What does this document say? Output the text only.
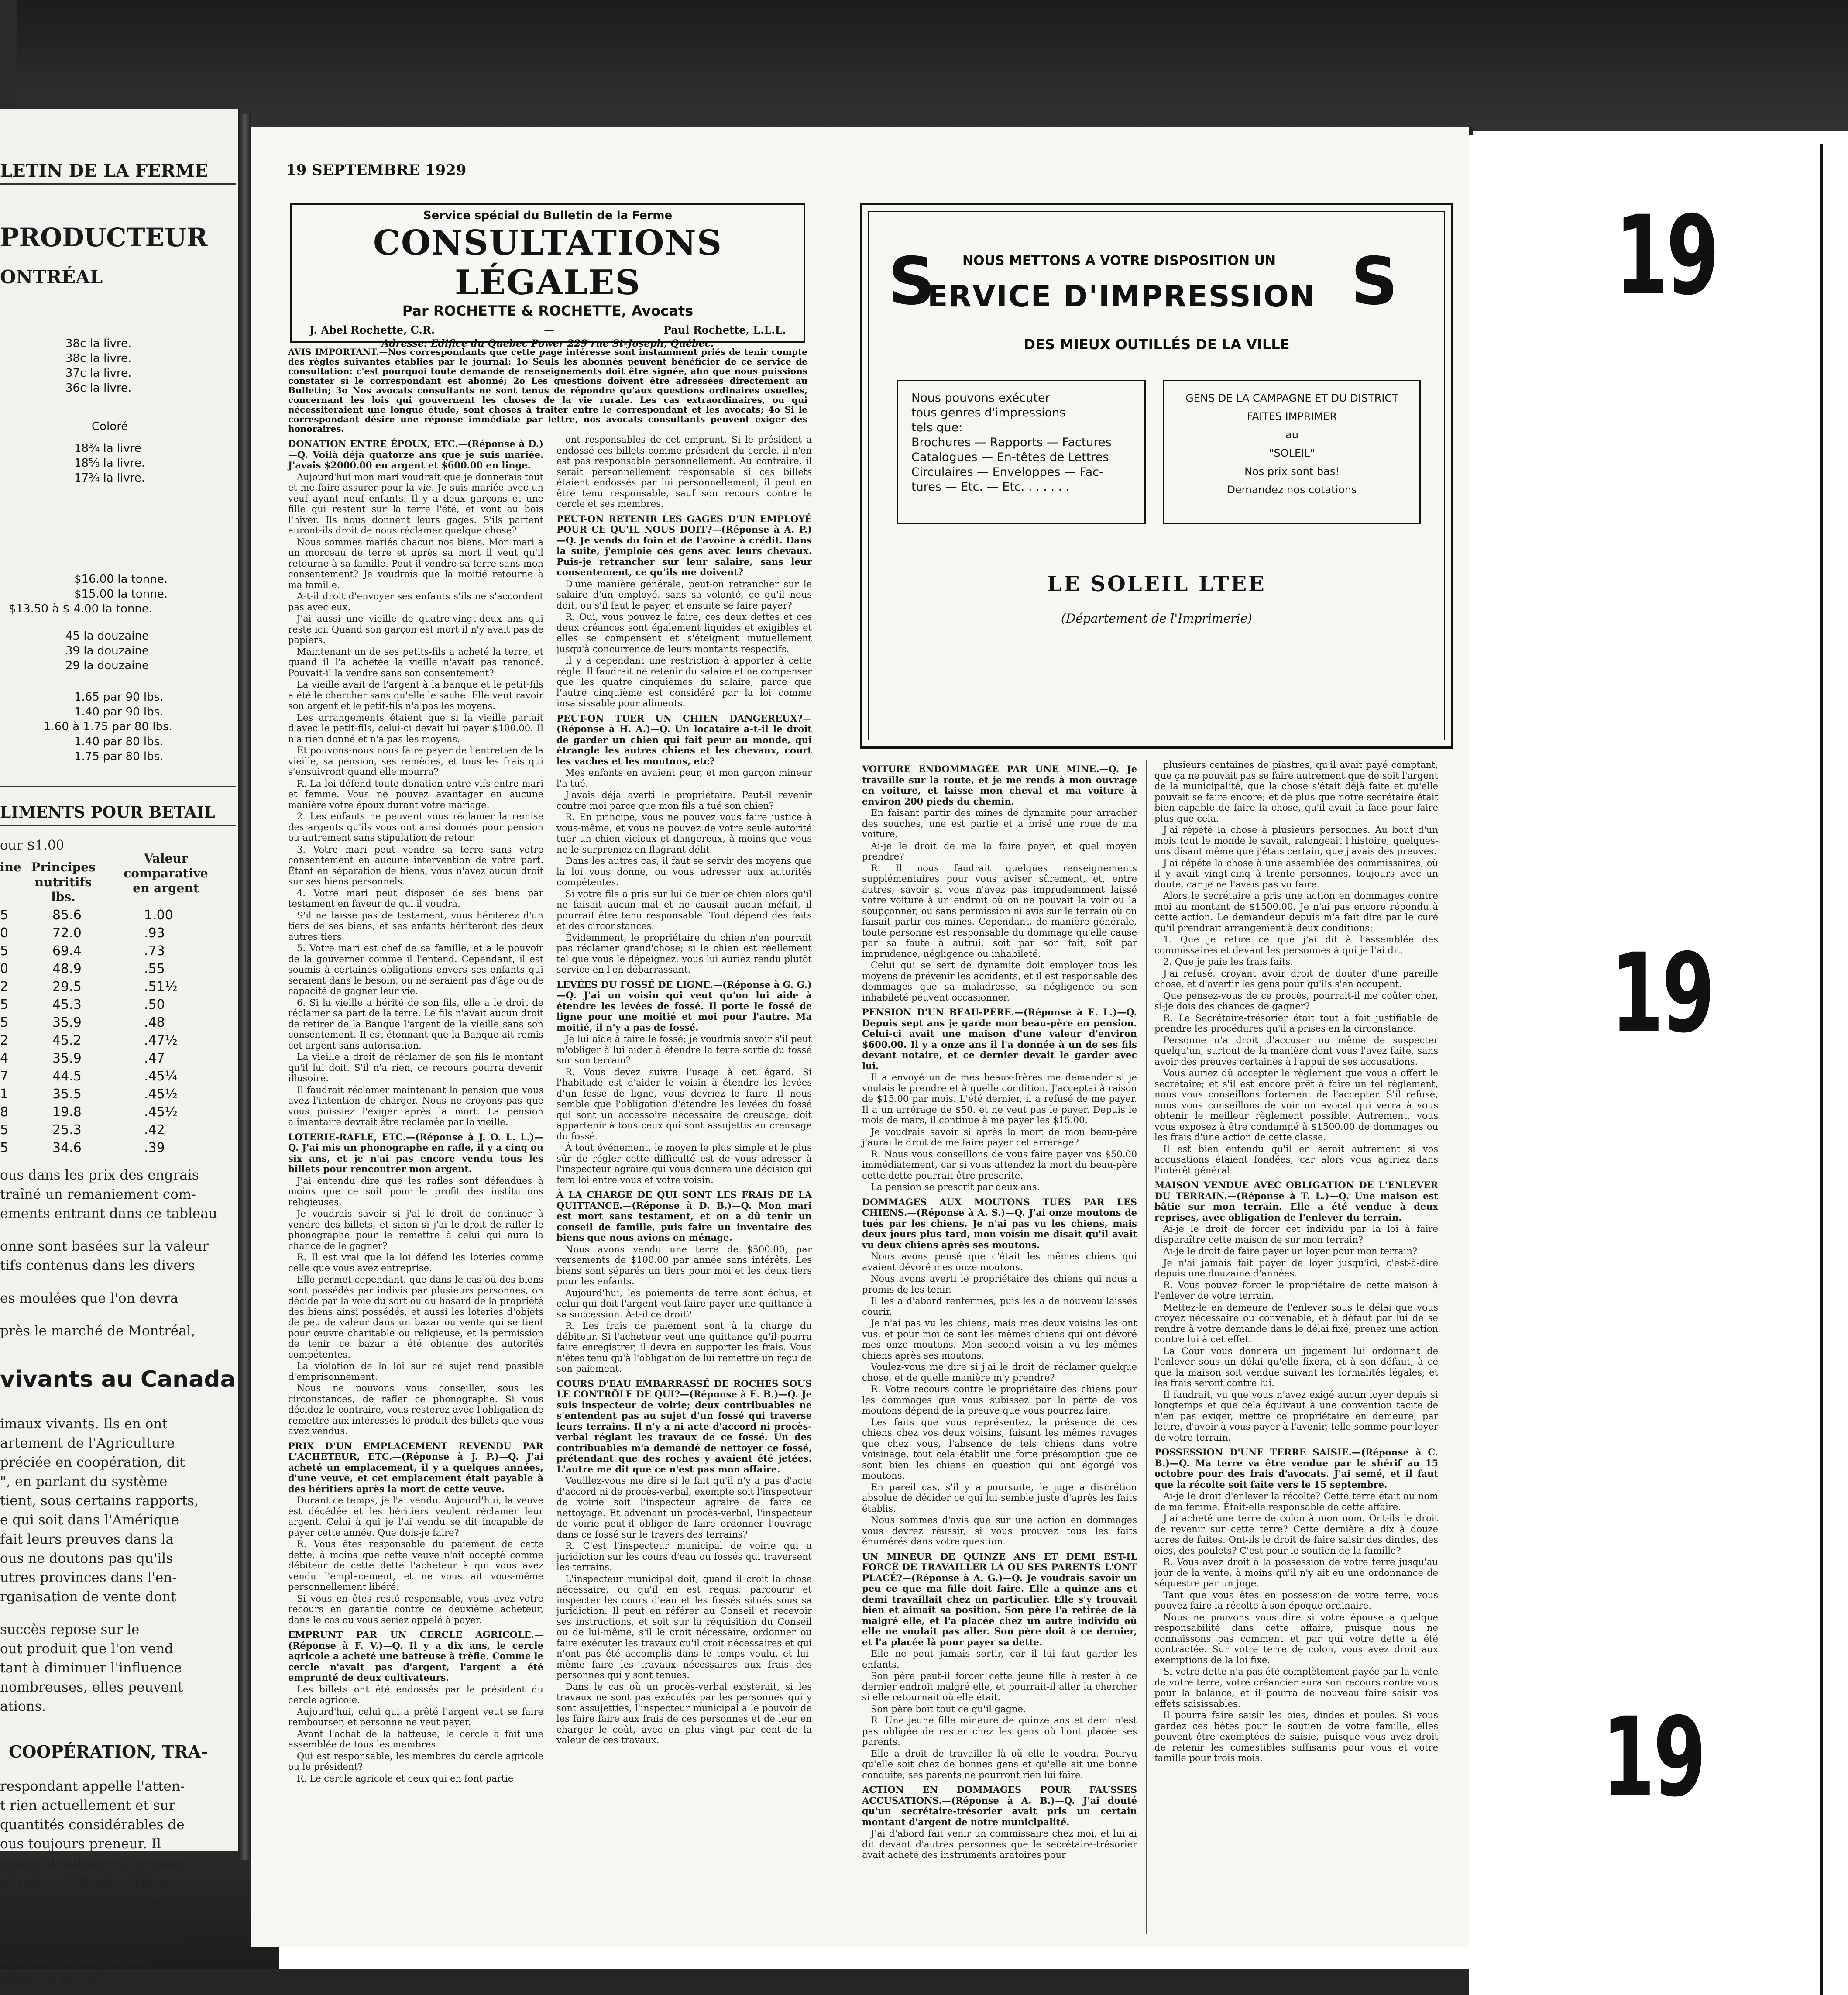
LETIN DE LA FERME
PRODUCTEUR
ONTRÉAL
38c la livre.
38c la livre.
37c la livre.
36c la livre.
Coloré
18¾ la livre
18⅝ la livre.
17¾ la livre.
$16.00 la tonne.
$15.00 la tonne.
$13.50 à $ 4.00 la tonne.
45 la douzaine
39 la douzaine
29 la douzaine
1.65 par 90 lbs.
1.40 par 90 lbs.
1.60 à 1.75 par 80 lbs.
1.40 par 80 lbs.
1.75 par 80 lbs.
LIMENTS POUR BETAIL
our $1.00
ine Principes nutritifs lbs.
Valeur comparative en argent
5	85.6	1.00
0	72.0	.93
5	69.4	.73
0	48.9	.55
2	29.5	.51½
5	45.3	.50
5	35.9	.48
2	45.2	.47½
4	35.9	.47
7	44.5	.45¼
1	35.5	.45½
8	19.8	.45½
5	25.3	.42
5	34.6	.39
ous dans les prix des engrais
traîné un remaniement com-
ements entrant dans ce tableau
onne sont basées sur la valeur
tifs contenus dans les divers
es moulées que l'on devra
près le marché de Montréal,
vivants au Canada
imaux vivants. Ils en ont
artement de l'Agriculture
préciée en coopération, dit
", en parlant du système
tient, sous certains rapports,
e qui soit dans l'Amérique
fait leurs preuves dans la
ous ne doutons pas qu'ils
utres provinces dans l'en-
rganisation de vente dont
succès repose sur le
out produit que l'on vend
tant à diminuer l'influence
nombreuses, elles peuvent
ations.
COOPÉRATION, TRA-
respondant appelle l'atten-
t rien actuellement et sur
quantités considérables de
ous toujours preneur. Il
enses étendues où ne pous-
pération délicate, évidem-
ans doute, par des experts
l'exploitation forestière et
it ainsi facilement doubler
s du lac St-Jean et du
ndier ce projet.
19 SEPTEMBRE 1929
Service spécial du Bulletin de la Ferme
CONSULTATIONS LÉGALES
Par ROCHETTE & ROCHETTE, Avocats
J. Abel Rochette, C.R.	—	Paul Rochette, L.L.L.
Adresse: Edifice du Quebec Power 229 rue St-Joseph, Québec.
AVIS IMPORTANT.—Nos correspondants que cette page intéresse sont instamment priés de tenir compte des règles suivantes établies par le journal: 1o Seuls les abonnés peuvent bénéficier de ce service de consultation: c'est pourquoi toute demande de renseignements doit être signée, afin que nous puissions constater si le correspondant est abonné; 2o Les questions doivent être adressées directement au Bulletin; 3o Nos avocats consultants ne sont tenus de répondre qu'aux questions ordinaires usuelles, concernant les lois qui gouvernent les choses de la vie rurale. Les cas extraordinaires, ou qui nécessiteraient une longue étude, sont choses à traiter entre le correspondant et les avocats; 4o Si le correspondant désire une réponse immédiate par lettre, nos avocats consultants peuvent exiger des honoraires.

DONATION ENTRE ÉPOUX, ETC.—(Réponse à D.)—Q. Voilà déjà quatorze ans que je suis mariée. J'avais $2000.00 en argent et $600.00 en linge.

Aujourd'hui mon mari voudrait que je donnerais tout et me faire assurer pour la vie. Je suis mariée avec un veuf ayant neuf enfants. Il y a deux garçons et une fille qui restent sur la terre l'été, et vont au bois l'hiver. Ils nous donnent leurs gages. S'ils partent auront-ils droit de nous réclamer quelque chose?

Nous sommes mariés chacun nos biens. Mon mari a un morceau de terre et après sa mort il veut qu'il retourne à sa famille. Peut-il vendre sa terre sans mon consentement? Je voudrais que la moitié retourne à ma famille.

A-t-il droit d'envoyer ses enfants s'ils ne s'accordent pas avec eux.

J'ai aussi une vieille de quatre-vingt-deux ans qui reste ici. Quand son garçon est mort il n'y avait pas de papiers.

Maintenant un de ses petits-fils a acheté la terre, et quand il l'a achetée la vieille n'avait pas renoncé. Pouvait-il la vendre sans son consentement?

La vieille avait de l'argent à la banque et le petit-fils a été le chercher sans qu'elle le sache. Elle veut ravoir son argent et le petit-fils n'a pas les moyens.

Les arrangements étaient que si la vieille partait d'avec le petit-fils, celui-ci devait lui payer $100.00. Il n'a rien donné et n'a pas les moyens.

Et pouvons-nous nous faire payer de l'entretien de la vieille, sa pension, ses remèdes, et tous les frais qui s'ensuivront quand elle mourra?

R. La loi défend toute donation entre vifs entre mari et femme. Vous ne pouvez avantager en aucune manière votre époux durant votre mariage.

2. Les enfants ne peuvent vous réclamer la remise des argents qu'ils vous ont ainsi donnés pour pension ou autrement sans stipulation de retour.

3. Votre mari peut vendre sa terre sans votre consentement en aucune intervention de votre part. Étant en séparation de biens, vous n'avez aucun droit sur ses biens personnels.

4. Votre mari peut disposer de ses biens par testament en faveur de qui il voudra.

S'il ne laisse pas de testament, vous hériterez d'un tiers de ses biens, et ses enfants hériteront des deux autres tiers.

5. Votre mari est chef de sa famille, et a le pouvoir de la gouverner comme il l'entend. Cependant, il est soumis à certaines obligations envers ses enfants qui seraient dans le besoin, ou ne seraient pas d'âge ou de capacité de gagner leur vie.

6. Si la vieille a hérité de son fils, elle a le droit de réclamer sa part de la terre. Le fils n'avait aucun droit de retirer de la Banque l'argent de la vieille sans son consentement. Il est étonnant que la Banque ait remis cet argent sans autorisation.

La vieille a droit de réclamer de son fils le montant qu'il lui doit. S'il n'a rien, ce recours pourra devenir illusoire.

Il faudrait réclamer maintenant la pension que vous avez l'intention de charger. Nous ne croyons pas que vous puissiez l'exiger après la mort. La pension alimentaire devrait être réclamée par la vieille.

LOTERIE-RAFLE, ETC.—(Réponse à J. O. L. L.)—Q. J'ai mis un phonographe en rafle, il y a cinq ou six ans, et je n'ai pas encore vendu tous les billets pour rencontrer mon argent.

J'ai entendu dire que les rafles sont défendues à moins que ce soit pour le profit des institutions religieuses.

Je voudrais savoir si j'ai le droit de continuer à vendre des billets, et sinon si j'ai le droit de rafler le phonographe pour le remettre à celui qui aura la chance de le gagner?

R. Il est vrai que la loi défend les loteries comme celle que vous avez entreprise.

Elle permet cependant, que dans le cas où des biens sont possédés par indivis par plusieurs personnes, on décide par la voie du sort ou du hasard de la propriété des biens ainsi possédés, et aussi les loteries d'objets de peu de valeur dans un bazar ou vente qui se tient pour œuvre charitable ou religieuse, et la permission de tenir ce bazar a été obtenue des autorités compétentes.

La violation de la loi sur ce sujet rend passible d'emprisonnement.

Nous ne pouvons vous conseiller, sous les circonstances, de rafler ce phonographe. Si vous décidez le contraire, vous resterez avec l'obligation de remettre aux intéressés le produit des billets que vous avez vendus.

PRIX D'UN EMPLACEMENT REVENDU PAR L'ACHETEUR, ETC.—(Réponse à J. P.)—Q. J'ai acheté un emplacement, il y a quelques années, d'une veuve, et cet emplacement était payable à des héritiers après la mort de cette veuve.

Durant ce temps, je l'ai vendu. Aujourd'hui, la veuve est décédée et les héritiers veulent réclamer leur argent. Celui à qui je l'ai vendu se dit incapable de payer cette année. Que dois-je faire?

R. Vous êtes responsable du paiement de cette dette, à moins que cette veuve n'ait accepté comme débiteur de cette dette l'acheteur à qui vous avez vendu l'emplacement, et ne vous ait vous-même personnellement libéré.

Si vous en êtes resté responsable, vous avez votre recours en garantie contre ce deuxième acheteur, dans le cas où vous seriez appelé à payer.

EMPRUNT PAR UN CERCLE AGRICOLE.—(Réponse à F. V.)—Q. Il y a dix ans, le cercle agricole a acheté une batteuse à trèfle. Comme le cercle n'avait pas d'argent, l'argent a été emprunté de deux cultivateurs.

Les billets ont été endossés par le président du cercle agricole.

Aujourd'hui, celui qui a prêté l'argent veut se faire rembourser, et personne ne veut payer.

Avant l'achat de la batteuse, le cercle a fait une assemblée de tous les membres.

Qui est responsable, les membres du cercle agricole ou le président?

R. Le cercle agricole et ceux qui en font partie

ont responsables de cet emprunt. Si le président a endossé ces billets comme président du cercle, il n'en est pas responsable personnellement. Au contraire, il serait personnellement responsable si ces billets étaient endossés par lui personnellement; il peut en être tenu responsable, sauf son recours contre le cercle et ses membres.

PEUT-ON RETENIR LES GAGES D'UN EMPLOYÉ POUR CE QU'IL NOUS DOIT?—(Réponse à A. P.)—Q. Je vends du foin et de l'avoine à crédit. Dans la suite, j'emploie ces gens avec leurs chevaux. Puis-je retrancher sur leur salaire, sans leur consentement, ce qu'ils me doivent?

D'une manière générale, peut-on retrancher sur le salaire d'un employé, sans sa volonté, ce qu'il nous doit, ou s'il faut le payer, et ensuite se faire payer?

R. Oui, vous pouvez le faire, ces deux dettes et ces deux créances sont également liquides et exigibles et elles se compensent et s'éteignent mutuellement jusqu'à concurrence de leurs montants respectifs.

Il y a cependant une restriction à apporter à cette règle. Il faudrait ne retenir du salaire et ne compenser que les quatre cinquièmes du salaire, parce que l'autre cinquième est considéré par la loi comme insaisissable pour aliments.

PEUT-ON TUER UN CHIEN DANGEREUX?—(Réponse à H. A.)—Q. Un locataire a-t-il le droit de garder un chien qui fait peur au monde, qui étrangle les autres chiens et les chevaux, court les vaches et les moutons, etc?

Mes enfants en avaient peur, et mon garçon mineur l'a tué.

J'avais déjà averti le propriétaire. Peut-il revenir contre moi parce que mon fils a tué son chien?

R. En principe, vous ne pouvez vous faire justice à vous-même, et vous ne pouvez de votre seule autorité tuer un chien vicieux et dangereux, à moins que vous ne le surpreniez en flagrant délit.

Dans les autres cas, il faut se servir des moyens que la loi vous donne, ou vous adresser aux autorités compétentes.

Si votre fils a pris sur lui de tuer ce chien alors qu'il ne faisait aucun mal et ne causait aucun méfait, il pourrait être tenu responsable. Tout dépend des faits et des circonstances.

Évidemment, le propriétaire du chien n'en pourrait pas réclamer grand'chose; si le chien est réellement tel que vous le dépeignez, vous lui auriez rendu plutôt service en l'en débarrassant.

LEVÉES DU FOSSÉ DE LIGNE.—(Réponse à G. G.)—Q. J'ai un voisin qui veut qu'on lui aide à étendre les levées de fossé. Il porte le fossé de ligne pour une moitié et moi pour l'autre. Ma moitié, il n'y a pas de fossé.

Je lui aide à faire le fossé; je voudrais savoir s'il peut m'obliger à lui aider à étendre la terre sortie du fossé sur son terrain?

R. Vous devez suivre l'usage à cet égard. Si l'habitude est d'aider le voisin à étendre les levées d'un fossé de ligne, vous devriez le faire. Il nous semble que l'obligation d'étendre les levées du fossé qui sont un accessoire nécessaire de creusage, doit appartenir à tous ceux qui sont assujettis au creusage du fossé.

À tout événement, le moyen le plus simple et le plus sûr de régler cette difficulté est de vous adresser à l'inspecteur agraire qui vous donnera une décision qui fera loi entre vous et votre voisin.

À LA CHARGE DE QUI SONT LES FRAIS DE LA QUITTANCE.—(Réponse à D. B.)—Q. Mon mari est mort sans testament, et on a dû tenir un conseil de famille, puis faire un inventaire des biens que nous avions en ménage.

Nous avons vendu une terre de $500.00, par versements de $100.00 par année sans intérêts. Les biens sont séparés un tiers pour moi et les deux tiers pour les enfants.

Aujourd'hui, les paiements de terre sont échus, et celui qui doit l'argent veut faire payer une quittance à sa succession. À-t-il ce droit?

R. Les frais de paiement sont à la charge du débiteur. Si l'acheteur veut une quittance qu'il pourra faire enregistrer, il devra en supporter les frais. Vous n'êtes tenu qu'à l'obligation de lui remettre un reçu de son paiement.

COURS D'EAU EMBARRASSÉ DE ROCHES SOUS LE CONTRÔLE DE QUI?—(Réponse à E. B.)—Q. Je suis inspecteur de voirie; deux contribuables ne s'entendent pas au sujet d'un fossé qui traverse leurs terrains. Il n'y a ni acte d'accord ni procès-verbal réglant les travaux de ce fossé. Un des contribuables m'a demandé de nettoyer ce fossé, prétendant que des roches y avaient été jetées. L'autre me dit que ce n'est pas mon affaire.

Veuillez-vous me dire si le fait qu'il n'y a pas d'acte d'accord ni de procès-verbal, exempte soit l'inspecteur de voirie soit l'inspecteur agraire de faire ce nettoyage. Et advenant un procès-verbal, l'inspecteur de voirie peut-il obliger de faire ordonner l'ouvrage dans ce fossé sur le travers des terrains?

R. C'est l'inspecteur municipal de voirie qui a juridiction sur les cours d'eau ou fossés qui traversent les terrains.

L'inspecteur municipal doit, quand il croit la chose nécessaire, ou qu'il en est requis, parcourir et inspecter les cours d'eau et les fossés situés sous sa juridiction. Il peut en référer au Conseil et recevoir ses instructions, et soit sur la réquisition du Conseil ou de lui-même, s'il le croit nécessaire, ordonner ou faire exécuter les travaux qu'il croit nécessaires et qui n'ont pas été accomplis dans le temps voulu, et lui-même faire les travaux nécessaires aux frais des personnes qui y sont tenues.

Dans le cas où un procès-verbal existerait, si les travaux ne sont pas exécutés par les personnes qui y sont assujetties, l'inspecteur municipal a le pouvoir de les faire faire aux frais de ces personnes et de leur en charger le coût, avec en plus vingt par cent de la valeur de ces travaux.

S NOUS METTONS A VOTRE DISPOSITION UN
ERVICE D'IMPRESSION S
DES MIEUX OUTILLÉS DE LA VILLE
Nous pouvons exécuter
tous genres d'impressions
tels que:
Brochures — Rapports — Factures
Catalogues — En-têtes de Lettres
Circulaires — Enveloppes — Fac-
tures — Etc. — Etc. . . . . . .
GENS DE LA CAMPAGNE ET DU DISTRICT
FAITES IMPRIMER
au
"SOLEIL"
Nos prix sont bas!
Demandez nos cotations
LE SOLEIL LTEE
(Département de l'Imprimerie)

VOITURE ENDOMMAGÉE PAR UNE MINE.—Q. Je travaille sur la route, et je me rends à mon ouvrage en voiture, et laisse mon cheval et ma voiture à environ 200 pieds du chemin.

En faisant partir des mines de dynamite pour arracher des souches, une est partie et a brisé une roue de ma voiture.

Ai-je le droit de me la faire payer, et quel moyen prendre?

R. Il nous faudrait quelques renseignements supplémentaires pour vous aviser sûrement, et, entre autres, savoir si vous n'avez pas imprudemment laissé votre voiture à un endroit où on ne pouvait la voir ou la soupçonner, ou sans permission ni avis sur le terrain où on faisait partir ces mines. Cependant, de manière générale, toute personne est responsable du dommage qu'elle cause par sa faute à autrui, soit par son fait, soit par imprudence, négligence ou inhabileté.

Celui qui se sert de dynamite doit employer tous les moyens de prévenir les accidents, et il est responsable des dommages que sa maladresse, sa négligence ou son inhabileté peuvent occasionner.

PENSION D'UN BEAU-PÈRE.—(Réponse à E. L.)—Q. Depuis sept ans je garde mon beau-père en pension. Celui-ci avait une maison d'une valeur d'environ $600.00. Il y a onze ans il l'a donnée à un de ses fils devant notaire, et ce dernier devait le garder avec lui.

Il a envoyé un de mes beaux-frères me demander si je voulais le prendre et à quelle condition. J'acceptai à raison de $15.00 par mois. L'été dernier, il a refusé de me payer. Il a un arrérage de $50. et ne veut pas le payer. Depuis le mois de mars, il continue à me payer les $15.00.

Je voudrais savoir si après la mort de mon beau-père j'aurai le droit de me faire payer cet arrérage?

R. Nous vous conseillons de vous faire payer vos $50.00 immédiatement, car si vous attendez la mort du beau-père cette dette pourrait être prescrite.

La pension se prescrit par deux ans.

DOMMAGES AUX MOUTONS TUÉS PAR LES CHIENS.—(Réponse à A. S.)—Q. J'ai onze moutons de tués par les chiens. Je n'ai pas vu les chiens, mais deux jours plus tard, mon voisin me disait qu'il avait vu deux chiens après ses moutons.

Nous avons pensé que c'était les mêmes chiens qui avaient dévoré mes onze moutons.

Nous avons averti le propriétaire des chiens qui nous a promis de les tenir.

Il les a d'abord renfermés, puis les a de nouveau laissés courir.

Je n'ai pas vu les chiens, mais mes deux voisins les ont vus, et pour moi ce sont les mêmes chiens qui ont dévoré mes onze moutons. Mon second voisin a vu les mêmes chiens après ses moutons.

Voulez-vous me dire si j'ai le droit de réclamer quelque chose, et de quelle manière m'y prendre?

R. Votre recours contre le propriétaire des chiens pour les dommages que vous subissez par la perte de vos moutons dépend de la preuve que vous pourrez faire.

Les faits que vous représentez, la présence de ces chiens chez vos deux voisins, faisant les mêmes ravages que chez vous, l'absence de tels chiens dans votre voisinage, tout cela établit une forte présomption que ce sont bien les chiens en question qui ont égorgé vos moutons.

En pareil cas, s'il y a poursuite, le juge a discrétion absolue de décider ce qui lui semble juste d'après les faits établis.

Nous sommes d'avis que sur une action en dommages vous devrez réussir, si vous prouvez tous les faits énumérés dans votre question.

UN MINEUR DE QUINZE ANS ET DEMI EST-IL FORCÉ DE TRAVAILLER LÀ OÙ SES PARENTS L'ONT PLACÉ?—(Réponse à A. G.)—Q. Je voudrais savoir un peu ce que ma fille doit faire. Elle a quinze ans et demi travaillait chez un particulier. Elle s'y trouvait bien et aimait sa position. Son père l'a retirée de là malgré elle, et l'a placée chez un autre individu où elle ne voulait pas aller. Son père doit à ce dernier, et l'a placée là pour payer sa dette.

Elle ne peut jamais sortir, car il lui faut garder les enfants.

Son père peut-il forcer cette jeune fille à rester à ce dernier endroit malgré elle, et pourrait-il aller la chercher si elle retournait où elle était.

Son père boit tout ce qu'il gagne.

R. Une jeune fille mineure de quinze ans et demi n'est pas obligée de rester chez les gens où l'ont placée ses parents.

Elle a droit de travailler là où elle le voudra. Pourvu qu'elle soit chez de bonnes gens et qu'elle ait une bonne conduite, ses parents ne pourront rien lui faire.

ACTION EN DOMMAGES POUR FAUSSES ACCUSATIONS.—(Réponse à A. B.)—Q. J'ai douté qu'un secrétaire-trésorier avait pris un certain montant d'argent de notre municipalité.

J'ai d'abord fait venir un commissaire chez moi, et lui ai dit devant d'autres personnes que le secrétaire-trésorier avait acheté des instruments aratoires pour

plusieurs centaines de piastres, qu'il avait payé comptant, que ça ne pouvait pas se faire autrement que de soit l'argent de la municipalité, que la chose s'était déjà faite et qu'elle pouvait se faire encore; et de plus que notre secrétaire était bien capable de faire la chose, qu'il avait la face pour faire plus que cela.

J'ai répété la chose à plusieurs personnes. Au bout d'un mois tout le monde le savait, ralongeait l'histoire, quelques-uns disant même que j'étais certain, que j'avais des preuves.

J'ai répété la chose à une assemblée des commissaires, où il y avait vingt-cinq à trente personnes, toujours avec un doute, car je ne l'avais pas vu faire.

Alors le secrétaire a pris une action en dommages contre moi au montant de $1500.00. Je n'ai pas encore répondu à cette action. Le demandeur depuis m'a fait dire par le curé qu'il prendrait arrangement à deux conditions:

1. Que je retire ce que j'ai dit à l'assemblée des commissaires et devant les personnes à qui je l'ai dit.

2. Que je paie les frais faits.

J'ai refusé, croyant avoir droit de douter d'une pareille chose, et d'avertir les gens pour qu'ils s'en occupent.

Que pensez-vous de ce procès, pourrait-il me coûter cher, si-je dois des chances de gagner?

R. Le Secrétaire-trésorier était tout à fait justifiable de prendre les procédures qu'il a prises en la circonstance.

Personne n'a droit d'accuser ou même de suspecter quelqu'un, surtout de la manière dont vous l'avez faite, sans avoir des preuves certaines à l'appui de ses accusations.

Vous auriez dû accepter le règlement que vous a offert le secrétaire; et s'il est encore prêt à faire un tel règlement, nous vous conseillons fortement de l'accepter. S'il refuse, nous vous conseillons de voir un avocat qui verra à vous obtenir le meilleur règlement possible. Autrement, vous vous exposez à être condamné à $1500.00 de dommages ou les frais d'une action de cette classe.

Il est bien entendu qu'il en serait autrement si vos accusations étaient fondées; car alors vous agiriez dans l'intérêt général.

MAISON VENDUE AVEC OBLIGATION DE L'ENLEVER DU TERRAIN.—(Réponse à T. L.)—Q. Une maison est bâtie sur mon terrain. Elle a été vendue à deux reprises, avec obligation de l'enlever du terrain.

Ai-je le droit de forcer cet individu par la loi à faire disparaître cette maison de sur mon terrain?

Ai-je le droit de faire payer un loyer pour mon terrain?

Je n'ai jamais fait payer de loyer jusqu'ici, c'est-à-dire depuis une douzaine d'années.

R. Vous pouvez forcer le propriétaire de cette maison à l'enlever de votre terrain.

Mettez-le en demeure de l'enlever sous le délai que vous croyez nécessaire ou convenable, et à défaut par lui de se rendre à votre demande dans le délai fixé, prenez une action contre lui à cet effet.

La Cour vous donnera un jugement lui ordonnant de l'enlever sous un délai qu'elle fixera, et à son défaut, à ce que la maison soit vendue suivant les formalités légales; et les frais seront contre lui.

Il faudrait, vu que vous n'avez exigé aucun loyer depuis si longtemps et que cela équivaut à une convention tacite de n'en pas exiger, mettre ce propriétaire en demeure, par lettre, d'avoir à vous payer à l'avenir, telle somme pour loyer de votre terrain.

POSSESSION D'UNE TERRE SAISIE.—(Réponse à C. B.)—Q. Ma terre va être vendue par le shérif au 15 octobre pour des frais d'avocats. J'ai semé, et il faut que la récolte soit faite vers le 15 septembre.

Ai-je le droit d'enlever la récolte? Cette terre était au nom de ma femme. Était-elle responsable de cette affaire.

J'ai acheté une terre de colon à mon nom. Ont-ils le droit de revenir sur cette terre? Cette dernière a dix à douze acres de faites. Ont-ils le droit de faire saisir des dindes, des oies, des poulets? C'est pour le soutien de la famille?

R. Vous avez droit à la possession de votre terre jusqu'au jour de la vente, à moins qu'il n'y ait eu une ordonnance de séquestre par un juge.

Tant que vous êtes en possession de votre terre, vous pouvez faire la récolte à son époque ordinaire.

Nous ne pouvons vous dire si votre épouse a quelque responsabilité dans cette affaire, puisque nous ne connaissons pas comment et par qui votre dette a été contractée. Sur votre terre de colon, vous avez droit aux exemptions de la loi fixe.

Si votre dette n'a pas été complètement payée par la vente de votre terre, votre créancier aura son recours contre vous pour la balance, et il pourra de nouveau faire saisir vos effets saisissables.

Il pourra faire saisir les oies, dindes et poules. Si vous gardez ces bêtes pour le soutien de votre famille, elles peuvent être exemptées de saisie, puisque vous avez droit de retenir les comestibles suffisants pour vous et votre famille pour trois mois.

19
19
19
